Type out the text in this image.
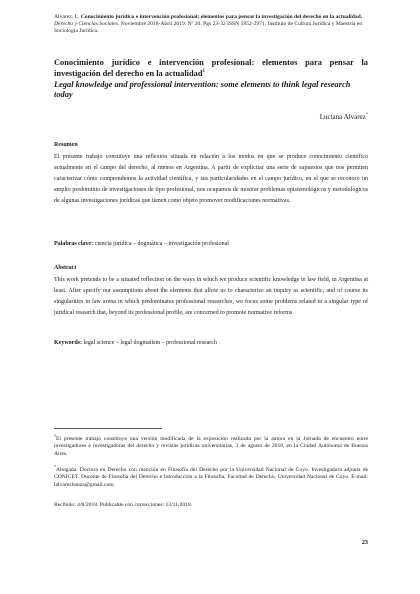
Alvarez, L. Conocimiento jurídico e intervención profesional: elementos para pensar la investigación del derecho en la actualidad. Derecho y Ciencias Sociales. Noviembre 2018-Abril 2019. Nº 20. Pgs 23-32 ISSN 1852-2971. Instituto de Cultura Jurídica y Maestría en Sociología Jurídica.
Conocimiento jurídico e intervención profesional: elementos para pensar la investigación del derecho en la actualidad$^1$
Legal knowledge and professional intervention: some elements to think legal research today
Luciana Alvarez*
Resumen
El presente trabajo constituye una reflexión situada en relación a los modos en que se produce conocimiento científico actualmente en el campo del derecho, al menos en Argentina. A partir de explicitar una serie de supuestos que nos permiten caracterizar cómo comprendemos la actividad científica, y sus particularidades en el campo jurídico, en el que se reconoce un amplio predominio de investigaciones de tipo profesional, nos ocupamos de mostrar problemas epistemológicos y metodológicos de algunas investigaciones jurídicas que tienen como objeto promover modificaciones normativas.
Palabras clave: ciencia jurídica – dogmática – investigación profesional
Abstract
This work pretends to be a situated reflection on the ways in which we produce scientific knowledge in law field, in Argentina at least. After specify our assumptions about the elements that allow us to characterize an inquiry as scientific, and of course its singularities in law arena in which predominates professional researches, we focus some problems related to a singular type of juridical research that, beyond its professional profile, are concerned to promote normative reforms.
Keywords: legal science – legal dogmatism – professional research
$^1$El presente trabajo constituye una versión modificada de la exposición realizada por la autora en la Jornada de encuentro entre investigadores e investigadoras del derecho y revistas jurídicas universitarias, 3 de agosto de 2018, en la Ciudad Autónoma de Buenos Aires.
*Abogada. Doctora en Derecho con mención en Filosofía del Derecho por la Universidad Nacional de Cuyo. Investigadora adjunta de CONICET. Docente de Filosofía del Derecho e Introducción a la Filosofía, Facultad de Derecho, Universidad Nacional de Cuyo. E-mail: lalvarezbauza@gmail.com.
Recibido: 4/8/2018. Publicable con correcciones: 12/11/2018.
23
